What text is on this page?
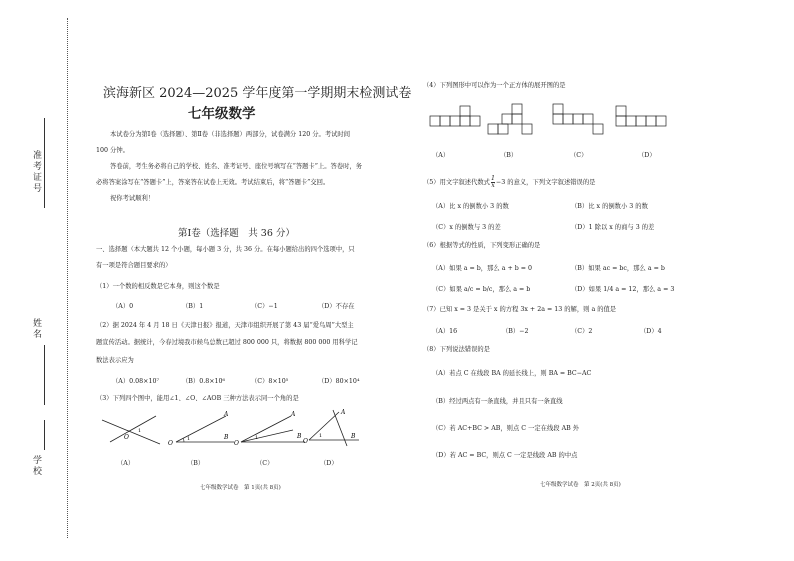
准考证号
姓名
学校
滨海新区 2024—2025 学年度第一学期期末检测试卷
七年级数学
本试卷分为第Ⅰ卷（选择题）、第Ⅱ卷（非选择题）两部分，试卷满分 120 分。考试时间
100 分钟。
答卷前，考生务必将自己的学校、姓名、准考证号、座位号填写在“答题卡”上。答卷时，务
必将答案涂写在“答题卡”上，答案答在试卷上无效。考试结束后，将“答题卡”交回。
祝你考试顺利！
第Ⅰ卷（选择题　共 36 分）
一、选择题（本大题共 12 个小题，每小题 3 分，共 36 分。在每小题给出的四个选项中，只
有一项是符合题目要求的）
（1）一个数的相反数是它本身，则这个数是
（A）0	（B）1	（C）−1	（D）不存在
（2）据 2024 年 4 月 18 日《天津日报》报道，天津市组织开展了第 43 届“爱鸟周”大型主
题宣传活动。据统计，今春过境我市候鸟总数已超过 800 000 只，将数据 800 000 用科学记
数法表示应为
（A）0.08×10⁷	（B）0.8×10⁶	（C）8×10⁵	（D）80×10⁴
（3）下列四个图中，能用∠1、∠O、∠AOB 三种方法表示同一个角的是
O
1
O
A
B
1
O
A
B
1	O
A
B
1
（A）	（B）	（C）	（D）
七年级数学试卷　第 1页(共 8页)
（4）下列图形中可以作为一个正方体的展开图的是
（A）	（B）	（C）	（D）
（5）用文字叙述代数式 $\frac{1}{x} -3$ 的意义，下列文字叙述错误的是
（A）比 x 的倒数小 3 的数	（B）比 x 的倒数小 3 的数
（C）x 的倒数与 3 的差	（D）1 除以 x 的商与 3 的差
（6）根据等式的性质，下列变形正确的是
（A）如果 a = b，那么 a + b = 0	（B）如果 ac = bc，那么 a = b
（C）如果 a/c = b/c，那么 a = b	（D）如果 1/4 a = 12，那么 a = 3
（7）已知 x = 3 是关于 x 的方程 3x + 2a = 13 的解，则 a 的值是
（A）16	（B）−2	（C）2	（D）4
（8）下列说法错误的是
（A）若点 C 在线段 BA 的延长线上，则 BA = BC−AC
（B）经过两点有一条直线，并且只有一条直线
（C）若 AC+BC > AB，则点 C 一定在线段 AB 外
（D）若 AC = BC，则点 C 一定是线段 AB 的中点
七年级数学试卷　第 2页(共 8页)
